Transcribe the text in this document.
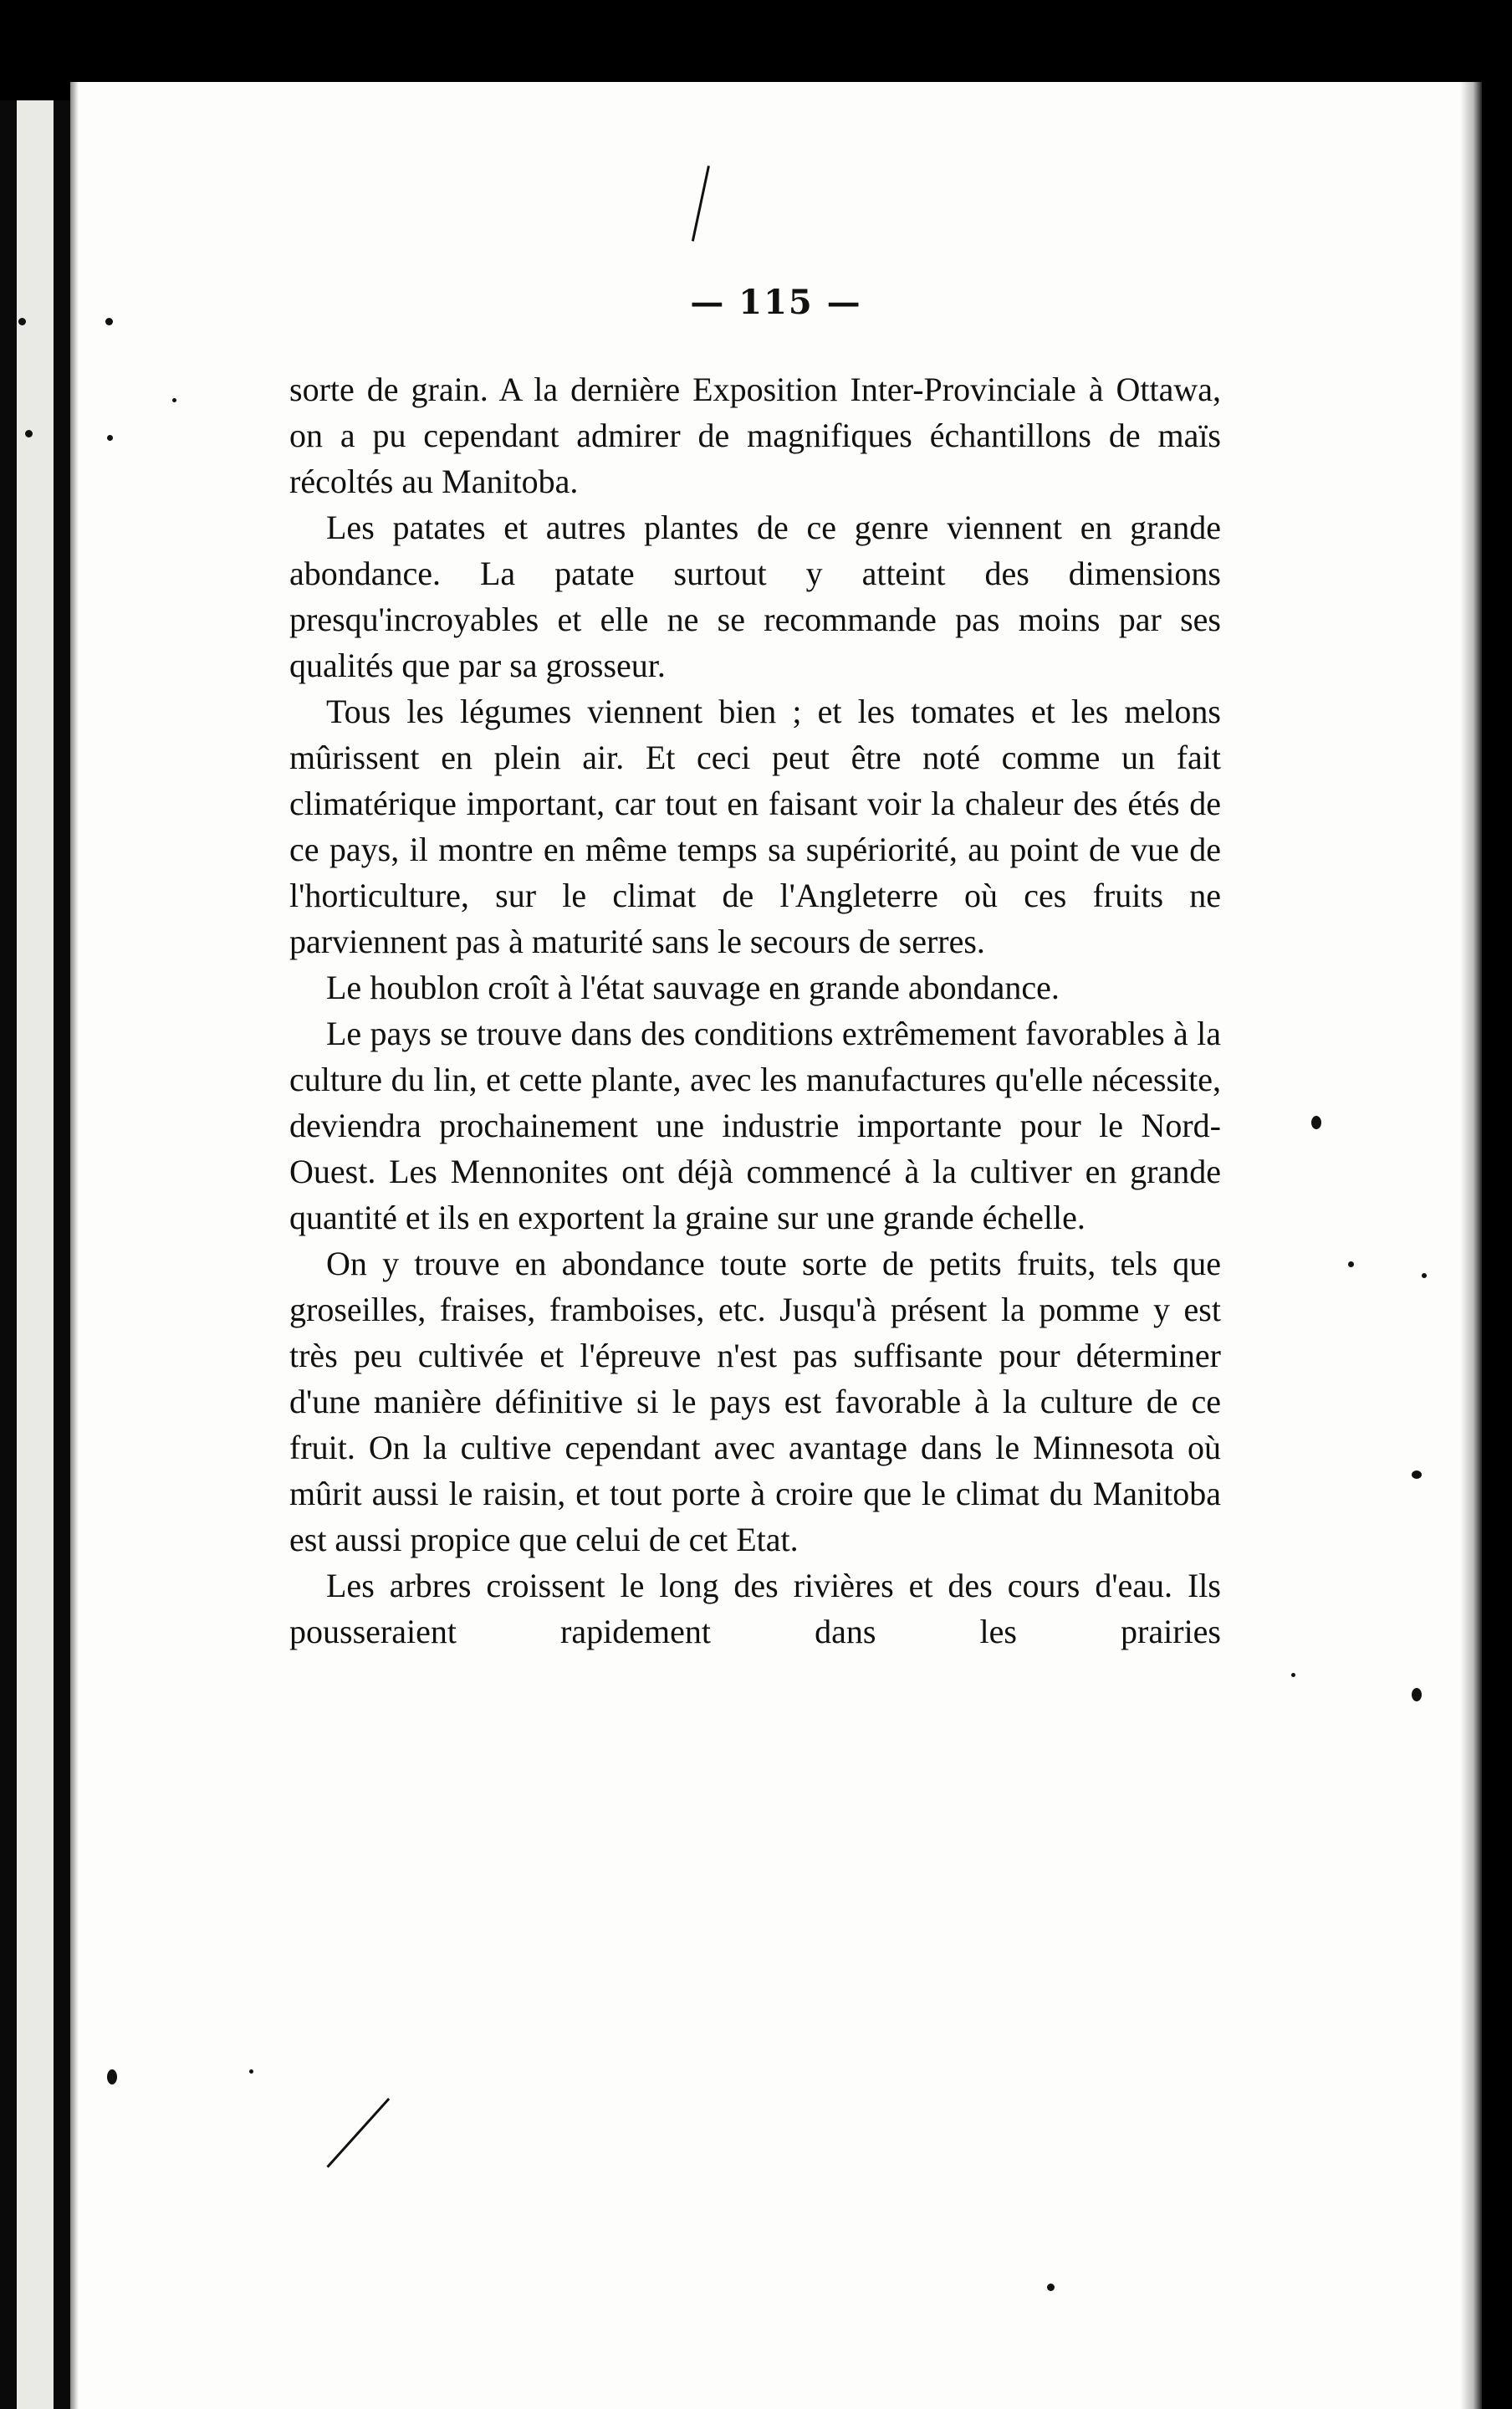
— 115 —

sorte de grain. A la dernière Exposition Inter-Provinciale à Ottawa, on a pu cependant admirer de magnifiques échantillons de maïs récoltés au Manitoba.

Les patates et autres plantes de ce genre viennent en grande abondance. La patate surtout y atteint des dimensions presqu'incroyables et elle ne se recommande pas moins par ses qualités que par sa grosseur.

Tous les légumes viennent bien ; et les tomates et les melons mûrissent en plein air. Et ceci peut être noté comme un fait climatérique important, car tout en faisant voir la chaleur des étés de ce pays, il montre en même temps sa supériorité, au point de vue de l'horticulture, sur le climat de l'Angleterre où ces fruits ne parviennent pas à maturité sans le secours de serres.

Le houblon croît à l'état sauvage en grande abondance.

Le pays se trouve dans des conditions extrêmement favorables à la culture du lin, et cette plante, avec les manufactures qu'elle nécessite, deviendra prochainement une industrie importante pour le Nord-Ouest. Les Mennonites ont déjà commencé à la cultiver en grande quantité et ils en exportent la graine sur une grande échelle.

On y trouve en abondance toute sorte de petits fruits, tels que groseilles, fraises, framboises, etc. Jusqu'à présent la pomme y est très peu cultivée et l'épreuve n'est pas suffisante pour déterminer d'une manière définitive si le pays est favorable à la culture de ce fruit. On la cultive cependant avec avantage dans le Minnesota où mûrit aussi le raisin, et tout porte à croire que le climat du Manitoba est aussi propice que celui de cet Etat.

Les arbres croissent le long des rivières et des cours d'eau. Ils pousseraient rapidement dans les prairies
